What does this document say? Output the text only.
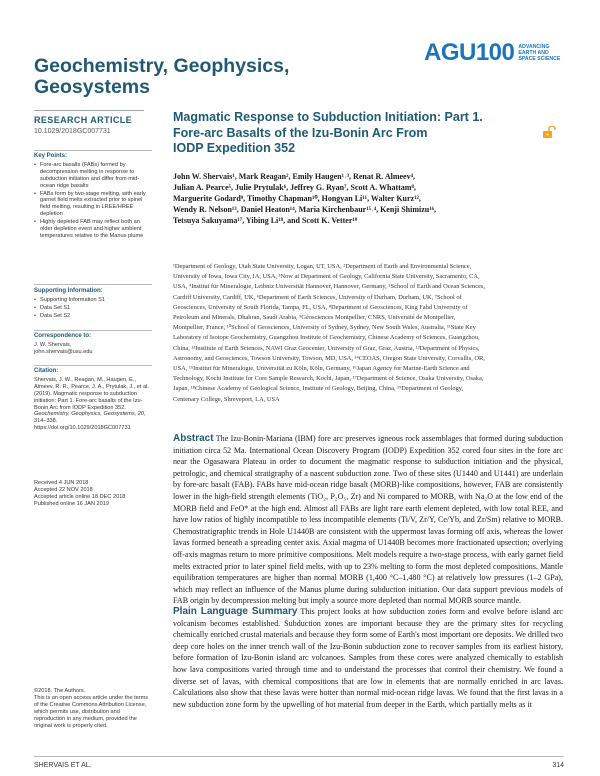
AGU100 ADVANCING
EARTH AND
SPACE SCIENCE
Geochemistry, Geophysics,
Geosystems
RESEARCH ARTICLE
10.1029/2018GC007731
Magmatic Response to Subduction Initiation: Part 1.
Fore-arc Basalts of the Izu-Bonin Arc From
IODP Expedition 352
John W. Shervais¹, Mark Reagan², Emily Haugen¹˒³, Renat R. Almeev⁴,
Julian A. Pearce⁵, Julie Prytulak⁶, Jeffrey G. Ryan⁷, Scott A. Whattam⁸,
Marguerite Godard⁹, Timothy Chapman¹⁰, Hongyan Li¹¹, Walter Kurz¹²,
Wendy R. Nelson¹³, Daniel Heaton¹⁴, Maria Kirchenbaur¹⁵˒⁴, Kenji Shimizu¹⁶,
Tetsuya Sakuyama¹⁷, Yibing Li¹⁸, and Scott K. Vetter¹⁹
¹Department of Geology, Utah State University, Logan, UT, USA, ²Department of Earth and Environmental Science,
University of Iowa, Iowa City, IA, USA, ³Now at Department of Geology, California State University, Sacramento, CA,
USA, ⁴Institut für Mineralogie, Leibniz Universität Hannover, Hannover, Germany, ⁵School of Earth and Ocean Sciences,
Cardiff University, Cardiff, UK, ⁶Department of Earth Sciences, University of Durham, Durham, UK, ⁷School of
Geosciences, University of South Florida, Tampa, FL, USA, ⁸Department of Geosciences, King Fahd University of
Petroleum and Minerals, Dhahran, Saudi Arabia, ⁹Géosciences Montpellier, CNRS, Université de Montpellier,
Montpellier, France, ¹⁰School of Geosciences, University of Sydney, Sydney, New South Wales, Australia, ¹¹State Key
Laboratory of Isotope Geochemistry, Guangzhou Institute of Geochemistry, Chinese Academy of Sciences, Guangzhou,
China, ¹²Institute of Earth Sciences, NAWI Graz Geocenter, University of Graz, Graz, Austria, ¹³Department of Physics,
Astronomy, and Geosciences, Towson University, Towson, MD, USA, ¹⁴CEOAS, Oregon State University, Corvallis, OR,
USA, ¹⁵Institut für Mineralogie, Universität zu Köln, Köln, Germany, ¹⁶Japan Agency for Marine-Earth Science and
Technology, Kochi Institute for Core Sample Research, Kochi, Japan, ¹⁷Department of Science, Osaka University, Osaka,
Japan, ¹⁸Chinese Academy of Geological Science, Institute of Geology, Beijing, China, ¹⁹Department of Geology,
Centenary College, Shreveport, LA, USA
Key Points:
• Fore-arc basalts (FABs) formed by decompression melting in response to subduction initiation and differ from mid-ocean ridge basalts
• FABs form by two-stage melting, with early garnet field melts extracted prior to spinel field melting, resulting in LREE/HREE depletion
• Highly depleted FAB may reflect both an older depletion event and higher ambient temperatures relative to the Manus plume
Supporting Information:
• Supporting Information S1
• Data Set S1
• Data Set S2
Correspondence to:
J. W. Shervais,
john.shervais@usu.edu
Citation:
Shervais, J. W., Reagan, M., Haugen, E., Almeev, R. R., Pearce, J. A., Prytulak, J., et al. (2019). Magmatic response to subduction initiation: Part 1. Fore-arc basalts of the Izu-Bonin Arc from IODP Expedition 352. Geochemistry, Geophysics, Geosystems, 20, 314–338. https://doi.org/10.1029/2018GC007731
Received 4 JUN 2018
Accepted 22 NOV 2018
Accepted article online 18 DEC 2018
Published online 16 JAN 2019
©2018. The Authors.
This is an open access article under the terms of the Creative Commons Attribution License, which permits use, distribution and reproduction in any medium, provided the original work is properly cited.
Abstract The Izu-Bonin-Mariana (IBM) fore arc preserves igneous rock assemblages that formed during subduction initiation circa 52 Ma. International Ocean Discovery Program (IODP) Expedition 352 cored four sites in the fore arc near the Ogasawara Plateau in order to document the magmatic response to subduction initiation and the physical, petrologic, and chemical stratigraphy of a nascent subduction zone. Two of these sites (U1440 and U1441) are underlain by fore-arc basalt (FAB). FABs have mid-ocean ridge basalt (MORB)-like compositions, however, FAB are consistently lower in the high-field strength elements (TiO₂, P₂O₅, Zr) and Ni compared to MORB, with Na₂O at the low end of the MORB field and FeO* at the high end. Almost all FABs are light rare earth element depleted, with low total REE, and have low ratios of highly incompatible to less incompatible elements (Ti/V, Zr/Y, Ce/Yb, and Zr/Sm) relative to MORB. Chemostratigraphic trends in Hole U1440B are consistent with the uppermost lavas forming off axis, whereas the lower lavas formed beneath a spreading center axis. Axial magma of U1440B becomes more fractionated upsection; overlying off-axis magmas return to more primitive compositions. Melt models require a two-stage process, with early garnet field melts extracted prior to later spinel field melts, with up to 23% melting to form the most depleted compositions. Mantle equilibration temperatures are higher than normal MORB (1,400 °C–1,480 °C) at relatively low pressures (1–2 GPa), which may reflect an influence of the Manus plume during subduction initiation. Our data support previous models of FAB origin by decompression melting but imply a source more depleted than normal MORB source mantle.
Plain Language Summary This project looks at how subduction zones form and evolve before island arc volcanism becomes established. Subduction zones are important because they are the primary sites for recycling chemically enriched crustal materials and because they form some of Earth's most important ore deposits. We drilled two deep core holes on the inner trench wall of the Izu-Bonin subduction zone to recover samples from its earliest history, before formation of Izu-Bonin island arc volcanoes. Samples from these cores were analyzed chemically to establish how lava compositions varied through time and to understand the processes that control their chemistry. We found a diverse set of lavas, with chemical compositions that are low in elements that are normally enriched in arc lavas. Calculations also show that these lavas were hotter than normal mid-ocean ridge lavas. We found that the first lavas in a new subduction zone form by the upwelling of hot material from deeper in the Earth, which partially melts as it
SHERVAIS ET AL.	314
